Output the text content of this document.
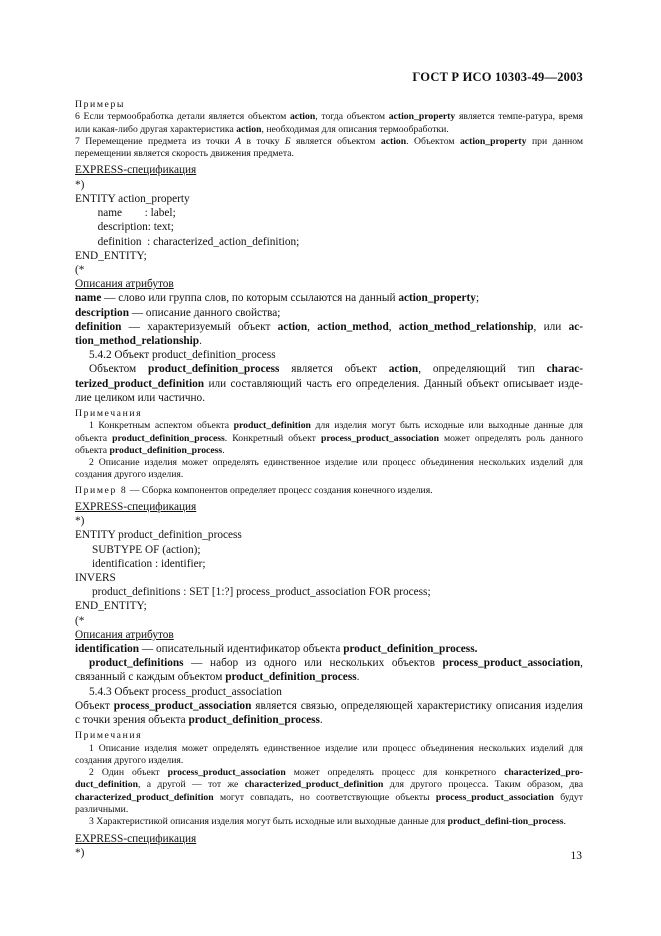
ГОСТ Р ИСО 10303-49—2003

Примеры

6 Если термообработка детали является объектом action, тогда объектом action_property является темпе-ратура, время или какая-либо другая характеристика action, необходимая для описания термообработки.

7 Перемещение предмета из точки А в точку Б является объектом action. Объектом action_property при данном перемещении является скорость движения предмета.

EXPRESS-спецификация

*)

ENTITY action_property

name        : label;

description: text;

definition  : characterized_action_definition;

END_ENTITY;

(*

Описания атрибутов

name — слово или группа слов, по которым ссылаются на данный action_property;

description — описание данного свойства;

definition — характеризуемый объект action, action_method, action_method_relationship, или ac-tion_method_relationship.

5.4.2 Объект product_definition_process

Объектом product_definition_process является объект action, определяющий тип charac-terized_product_definition или составляющий часть его определения. Данный объект описывает изде-лие целиком или частично.

Примечания

1 Конкретным аспектом объекта product_definition для изделия могут быть исходные или выходные данные для объекта product_definition_process. Конкретный объект process_product_association может определять роль данного объекта product_definition_process.

2 Описание изделия может определять единственное изделие или процесс объединения нескольких изделий для создания другого изделия.

Пример 8 — Сборка компонентов определяет процесс создания конечного изделия.

EXPRESS-спецификация

*)

ENTITY product_definition_process

SUBTYPE OF (action);

identification : identifier;

INVERS

product_definitions : SET [1:?] process_product_association FOR process;

END_ENTITY;

(*

Описания атрибутов

identification — описательный идентификатор объекта product_definition_process.

product_definitions — набор из одного или нескольких объектов process_product_association, связанный с каждым объектом product_definition_process.

5.4.3 Объект process_product_association

Объект process_product_association является связью, определяющей характеристику описания изделия с точки зрения объекта product_definition_process.

Примечания

1 Описание изделия может определять единственное изделие или процесс объединения нескольких изделий для создания другого изделия.

2 Один объект process_product_association может определять процесс для конкретного characterized_pro-duct_definition, а другой — тот же characterized_product_definition для другого процесса. Таким образом, два characterized_product_definition могут совпадать, но соответствующие объекты process_product_association будут различными.

3 Характеристикой описания изделия могут быть исходные или выходные данные для product_defini-tion_process.

EXPRESS-спецификация

*)	13
